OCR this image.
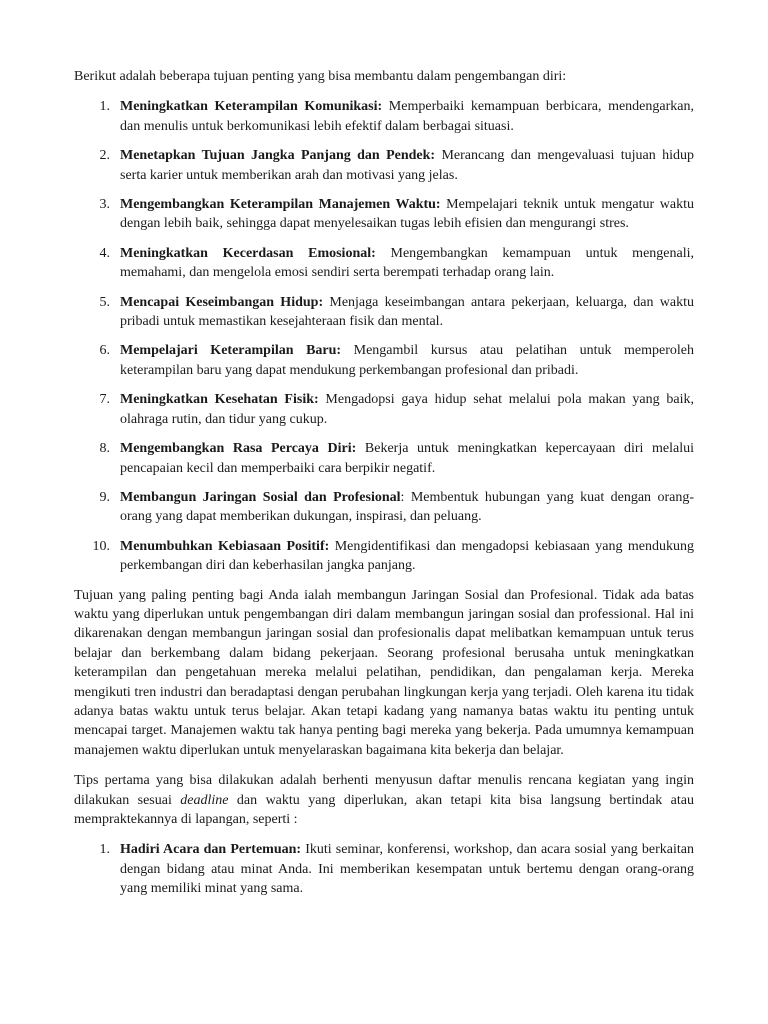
Berikut adalah beberapa tujuan penting yang bisa membantu dalam pengembangan diri:

1. Meningkatkan Keterampilan Komunikasi: Memperbaiki kemampuan berbicara, mendengarkan, dan menulis untuk berkomunikasi lebih efektif dalam berbagai situasi.
2. Menetapkan Tujuan Jangka Panjang dan Pendek: Merancang dan mengevaluasi tujuan hidup serta karier untuk memberikan arah dan motivasi yang jelas.
3. Mengembangkan Keterampilan Manajemen Waktu: Mempelajari teknik untuk mengatur waktu dengan lebih baik, sehingga dapat menyelesaikan tugas lebih efisien dan mengurangi stres.
4. Meningkatkan Kecerdasan Emosional: Mengembangkan kemampuan untuk mengenali, memahami, dan mengelola emosi sendiri serta berempati terhadap orang lain.
5. Mencapai Keseimbangan Hidup: Menjaga keseimbangan antara pekerjaan, keluarga, dan waktu pribadi untuk memastikan kesejahteraan fisik dan mental.
6. Mempelajari Keterampilan Baru: Mengambil kursus atau pelatihan untuk memperoleh keterampilan baru yang dapat mendukung perkembangan profesional dan pribadi.
7. Meningkatkan Kesehatan Fisik: Mengadopsi gaya hidup sehat melalui pola makan yang baik, olahraga rutin, dan tidur yang cukup.
8. Mengembangkan Rasa Percaya Diri: Bekerja untuk meningkatkan kepercayaan diri melalui pencapaian kecil dan memperbaiki cara berpikir negatif.
9. Membangun Jaringan Sosial dan Profesional: Membentuk hubungan yang kuat dengan orang-orang yang dapat memberikan dukungan, inspirasi, dan peluang.
10. Menumbuhkan Kebiasaan Positif: Mengidentifikasi dan mengadopsi kebiasaan yang mendukung perkembangan diri dan keberhasilan jangka panjang.

Tujuan yang paling penting bagi Anda ialah membangun Jaringan Sosial dan Profesional. Tidak ada batas waktu yang diperlukan untuk pengembangan diri dalam membangun jaringan sosial dan professional. Hal ini dikarenakan dengan membangun jaringan sosial dan profesionalis dapat melibatkan kemampuan untuk terus belajar dan berkembang dalam bidang pekerjaan. Seorang profesional berusaha untuk meningkatkan keterampilan dan pengetahuan mereka melalui pelatihan, pendidikan, dan pengalaman kerja. Mereka mengikuti tren industri dan beradaptasi dengan perubahan lingkungan kerja yang terjadi. Oleh karena itu tidak adanya batas waktu untuk terus belajar. Akan tetapi kadang yang namanya batas waktu itu penting untuk mencapai target. Manajemen waktu tak hanya penting bagi mereka yang bekerja. Pada umumnya kemampuan manajemen waktu diperlukan untuk menyelaraskan bagaimana kita bekerja dan belajar.

Tips pertama yang bisa dilakukan adalah berhenti menyusun daftar menulis rencana kegiatan yang ingin dilakukan sesuai deadline dan waktu yang diperlukan, akan tetapi kita bisa langsung bertindak atau mempraktekannya di lapangan, seperti :

1. Hadiri Acara dan Pertemuan: Ikuti seminar, konferensi, workshop, dan acara sosial yang berkaitan dengan bidang atau minat Anda. Ini memberikan kesempatan untuk bertemu dengan orang-orang yang memiliki minat yang sama.
